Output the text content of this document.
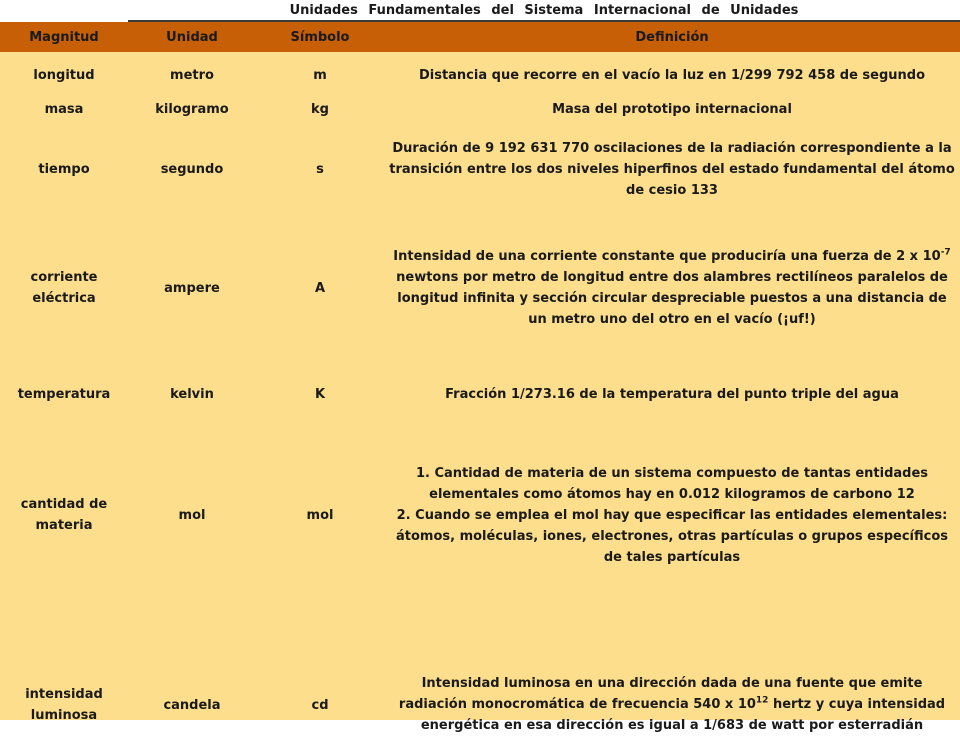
Unidades Fundamentales del Sistema Internacional de Unidades
Magnitud	Unidad	Símbolo	Definición
longitud	metro	m	Distancia que recorre en el vacío la luz en 1/299 792 458 de segundo
masa	kilogramo	kg	Masa del prototipo internacional
tiempo	segundo	s	Duración de 9 192 631 770 oscilaciones de la radiación correspondiente a la transición entre los dos niveles hiperfinos del estado fundamental del átomo de cesio 133
corriente eléctrica	ampere	A	Intensidad de una corriente constante que produciría una fuerza de 2 x $10^{-7}$ newtons por metro de longitud entre dos alambres rectilíneos paralelos de longitud infinita y sección circular despreciable puestos a una distancia de un metro uno del otro en el vacío (¡uf!)
temperatura	kelvin	K	Fracción 1/273.16 de la temperatura del punto triple del agua
cantidad de materia	mol	mol	1. Cantidad de materia de un sistema compuesto de tantas entidades elementales como átomos hay en 0.012 kilogramos de carbono 12
2. Cuando se emplea el mol hay que especificar las entidades elementales: átomos, moléculas, iones, electrones, otras partículas o grupos específicos de tales partículas

intensidad luminosa	candela	cd	Intensidad luminosa en una dirección dada de una fuente que emite radiación monocromática de frecuencia 540 x $10^{12}$ hertz y cuya intensidad energética en esa dirección es igual a 1/683 de watt por esterradián
